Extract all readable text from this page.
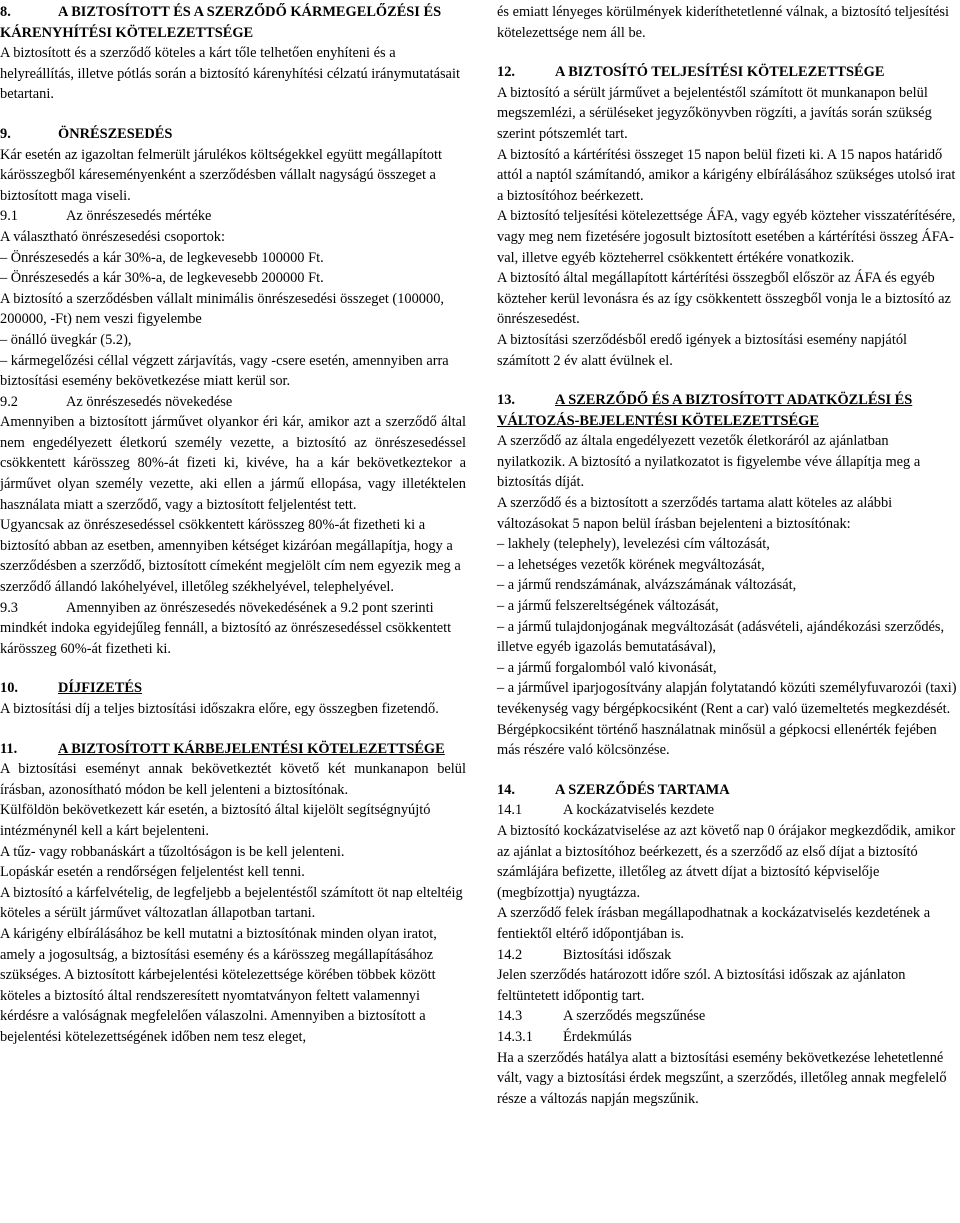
8.	A BIZTOSÍTOTT ÉS A SZERZŐDŐ KÁRMEGELŐZÉSI ÉS KÁRENYHÍTÉSI KÖTELEZETTSÉGE

A biztosított és a szerződő köteles a kárt tőle telhetően enyhíteni és a helyreállítás, illetve pótlás során a biztosító kárenyhítési célzatú iránymutatásait betartani.

9.	ÖNRÉSZESEDÉS

Kár esetén az igazoltan felmerült járulékos költségekkel együtt megállapított kárösszegből káreseményenként a szerződésben vállalt nagyságú összeget a biztosított maga viseli.

9.1	Az önrészesedés mértéke

A választható önrészesedési csoportok:

– Önrészesedés a kár 30%-a, de legkevesebb 100000 Ft.

– Önrészesedés a kár 30%-a, de legkevesebb 200000 Ft.

A biztosító a szerződésben vállalt minimális önrészesedési összeget (100000, 200000, -Ft) nem veszi figyelembe

– önálló üvegkár (5.2),

– kármegelőzési céllal végzett zárjavítás, vagy -csere esetén, amennyiben arra biztosítási esemény bekövetkezése miatt kerül sor.

9.2	Az önrészesedés növekedése

Amennyiben a biztosított járművet olyankor éri kár, amikor azt a szerződő által nem engedélyezett életkorú személy vezette, a biztosító az önrészesedéssel csökkentett kárösszeg 80%-át fizeti ki, kivéve, ha a kár bekövetkeztekor a járművet olyan személy vezette, aki ellen a jármű ellopása, vagy illetéktelen használata miatt a szerződő, vagy a biztosított feljelentést tett.

Ugyancsak az önrészesedéssel csökkentett kárösszeg 80%-át fizetheti ki a biztosító abban az esetben, amennyiben kétséget kizáróan megállapítja, hogy a szerződésben a szerződő, biztosított címeként megjelölt cím nem egyezik meg a szerződő állandó lakóhelyével, illetőleg székhelyével, telephelyével.

9.3	Amennyiben az önrészesedés növekedésének a 9.2 pont szerinti mindkét indoka egyidejűleg fennáll, a biztosító az önrészesedéssel csökkentett kárösszeg 60%-át fizetheti ki.

10.	DÍJFIZETÉS

A biztosítási díj a teljes biztosítási időszakra előre, egy összegben fizetendő.

11.	A BIZTOSÍTOTT KÁRBEJELENTÉSI KÖTELEZETTSÉGE

A biztosítási eseményt annak bekövetkeztét követő két munkanapon belül írásban, azonosítható módon be kell jelenteni a biztosítónak.

Külföldön bekövetkezett kár esetén, a biztosító által kijelölt segítségnyújtó intézménynél kell a kárt bejelenteni.

A tűz- vagy robbanáskárt a tűzoltóságon is be kell jelenteni.

Lopáskár esetén a rendőrségen feljelentést kell tenni.

A biztosító a kárfelvételig, de legfeljebb a bejelentéstől számított öt nap elteltéig köteles a sérült járművet változatlan állapotban tartani.

A kárigény elbírálásához be kell mutatni a biztosítónak minden olyan iratot, amely a jogosultság, a biztosítási esemény és a kárösszeg megállapításához szükséges. A biztosított kárbejelentési kötelezettsége körében többek között köteles a biztosító által rendszeresített nyomtatványon feltett valamennyi kérdésre a valóságnak megfelelően válaszolni. Amennyiben a biztosított a bejelentési kötelezettségének időben nem tesz eleget,

és emiatt lényeges körülmények kideríthetetlenné válnak, a biztosító teljesítési kötelezettsége nem áll be.

12.	A BIZTOSÍTÓ TELJESÍTÉSI KÖTELEZETTSÉGE

A biztosító a sérült járművet a bejelentéstől számított öt munkanapon belül megszemlézi, a sérüléseket jegyzőkönyvben rögzíti, a javítás során szükség szerint pótszemlét tart.

A biztosító a kártérítési összeget 15 napon belül fizeti ki. A 15 napos határidő attól a naptól számítandó, amikor a kárigény elbírálásához szükséges utolsó irat a biztosítóhoz beérkezett.

A biztosító teljesítési kötelezettsége ÁFA, vagy egyéb közteher visszatérítésére, vagy meg nem fizetésére jogosult biztosított esetében a kártérítési összeg ÁFA-val, illetve egyéb közteherrel csökkentett értékére vonatkozik.

A biztosító által megállapított kártérítési összegből először az ÁFA és egyéb közteher kerül levonásra és az így csökkentett összegből vonja le a biztosító az önrészesedést.

A biztosítási szerződésből eredő igények a biztosítási esemény napjától számított 2 év alatt évülnek el.

13.	A SZERZŐDŐ ÉS A BIZTOSÍTOTT ADATKÖZLÉSI ÉS VÁLTOZÁS-BEJELENTÉSI KÖTELEZETTSÉGE

A szerződő az általa engedélyezett vezetők életkoráról az ajánlatban nyilatkozik. A biztosító a nyilatkozatot is figyelembe véve állapítja meg a biztosítás díját.

A szerződő és a biztosított a szerződés tartama alatt köteles az alábbi változásokat 5 napon belül írásban bejelenteni a biztosítónak:

– lakhely (telephely), levelezési cím változását,

– a lehetséges vezetők körének megváltozását,

– a jármű rendszámának, alvázszámának változását,

– a jármű felszereltségének változását,

– a jármű tulajdonjogának megváltozását (adásvételi, ajándékozási szerződés, illetve egyéb igazolás bemutatásával),

– a jármű forgalomból való kivonását,

– a járművel iparjogosítvány alapján folytatandó közúti személyfuvarozói (taxi) tevékenység vagy bérgépkocsiként (Rent a car) való üzemeltetés megkezdését. Bérgépkocsiként történő használatnak minősül a gépkocsi ellenérték fejében más részére való kölcsönzése.

14.	A SZERZŐDÉS TARTAMA

14.1	A kockázatviselés kezdete

A biztosító kockázatviselése az azt követő nap 0 órájakor megkezdődik, amikor az ajánlat a biztosítóhoz beérkezett, és a szerződő az első díjat a biztosító számlájára befizette, illetőleg az átvett díjat a biztosító képviselője (megbízottja) nyugtázza.

A szerződő felek írásban megállapodhatnak a kockázatviselés kezdetének a fentiektől eltérő időpontjában is.

14.2	Biztosítási időszak

Jelen szerződés határozott időre szól. A biztosítási időszak az ajánlaton feltüntetett időpontig tart.

14.3	A szerződés megszűnése

14.3.1 Érdekmúlás

Ha a szerződés hatálya alatt a biztosítási esemény bekövetkezése lehetetlenné vált, vagy a biztosítási érdek megszűnt, a szerződés, illetőleg annak megfelelő része a változás napján megszűnik.
